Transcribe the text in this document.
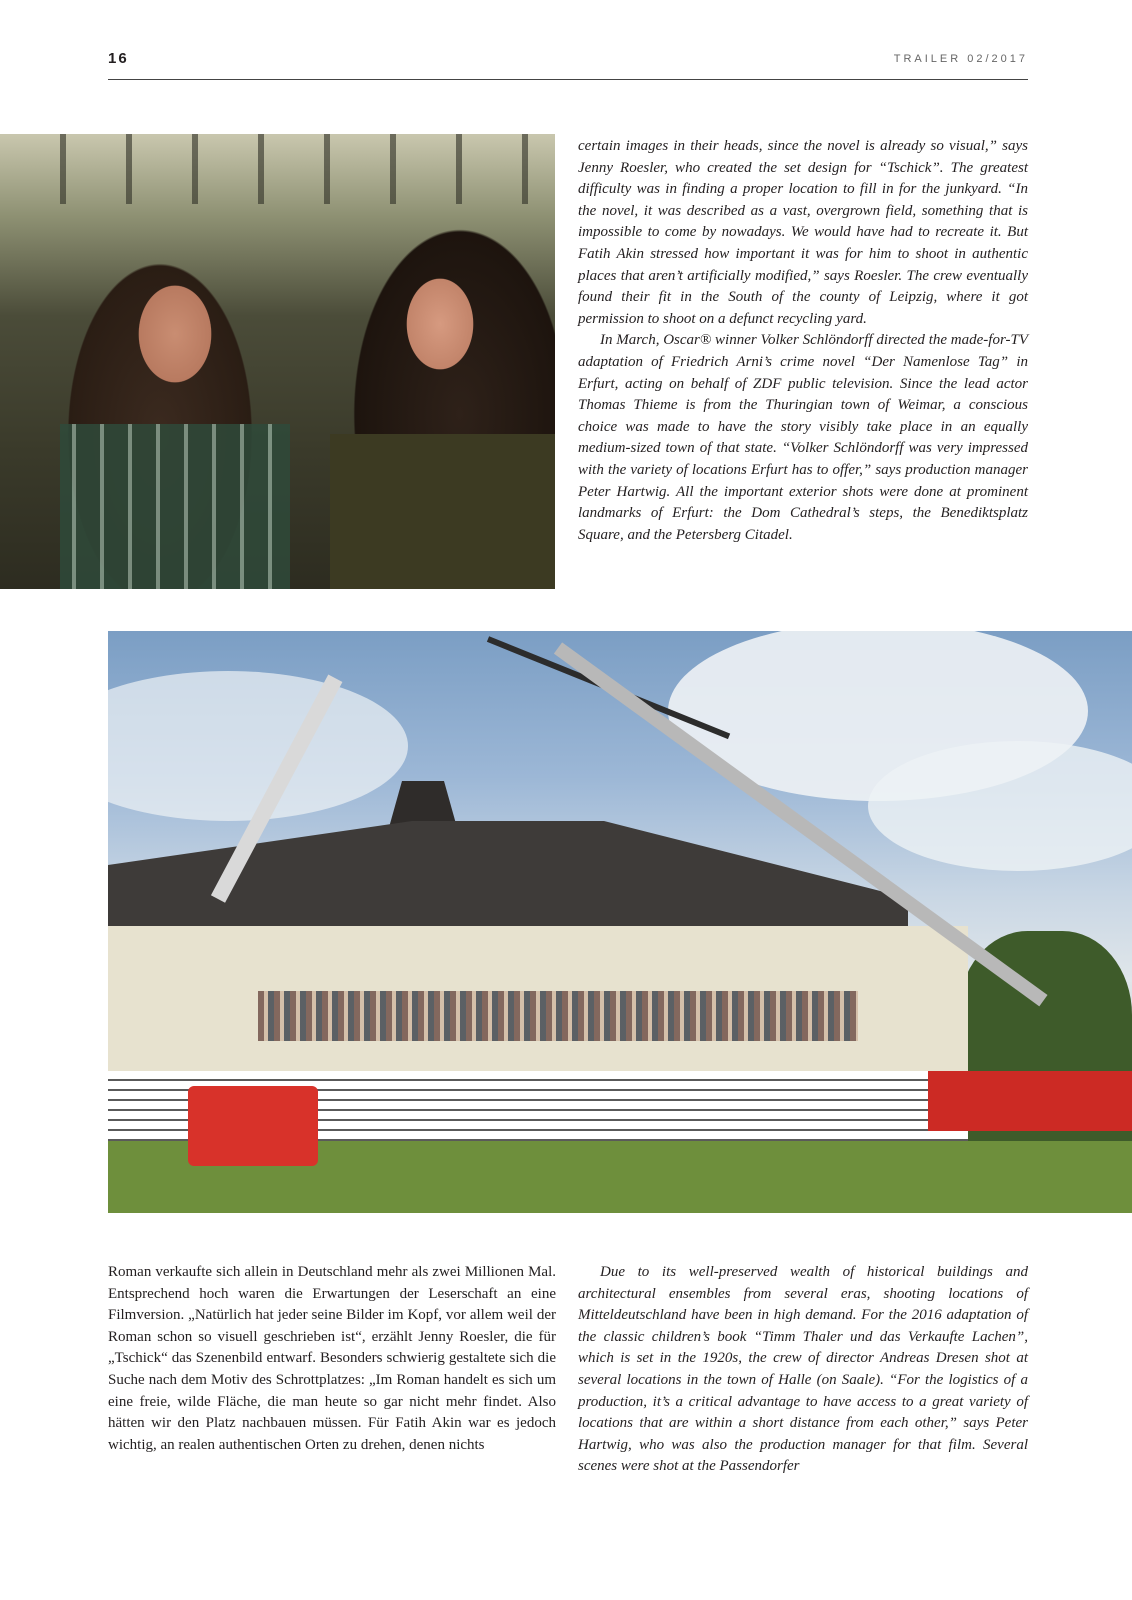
16	TRAILER 02/2017

certain images in their heads, since the novel is already so visual,” says Jenny Roesler, who created the set design for “Tschick”. The greatest difficulty was in finding a proper location to fill in for the junkyard. “In the novel, it was described as a vast, overgrown field, something that is impossible to come by nowadays. We would have had to recreate it. But Fatih Akin stressed how important it was for him to shoot in authentic places that aren’t artificially modified,” says Roesler. The crew eventually found their fit in the South of the county of Leipzig, where it got permission to shoot on a defunct recycling yard.

In March, Oscar® winner Volker Schlöndorff directed the made-for-TV adaptation of Friedrich Arni’s crime novel “Der Namenlose Tag” in Erfurt, acting on behalf of ZDF public television. Since the lead actor Thomas Thieme is from the Thuringian town of Weimar, a conscious choice was made to have the story visibly take place in an equally medium-sized town of that state. “Volker Schlöndorff was very impressed with the variety of locations Erfurt has to offer,” says production manager Peter Hartwig. All the important exterior shots were done at prominent landmarks of Erfurt: the Dom Cathedral’s steps, the Benediktsplatz Square, and the Petersberg Citadel.

Roman verkaufte sich allein in Deutschland mehr als zwei Millionen Mal. Entsprechend hoch waren die Erwartungen der Leserschaft an eine Filmversion. „Natürlich hat jeder seine Bilder im Kopf, vor allem weil der Roman schon so visuell geschrieben ist“, erzählt Jenny Roesler, die für „Tschick“ das Szenenbild entwarf. Besonders schwierig gestaltete sich die Suche nach dem Motiv des Schrottplatzes: „Im Roman handelt es sich um eine freie, wilde Fläche, die man heute so gar nicht mehr findet. Also hätten wir den Platz nachbauen müssen. Für Fatih Akin war es jedoch wichtig, an realen authentischen Orten zu drehen, denen nichts

Due to its well-preserved wealth of historical buildings and architectural ensembles from several eras, shooting locations of Mitteldeutschland have been in high demand. For the 2016 adaptation of the classic children’s book “Timm Thaler und das Verkaufte Lachen”, which is set in the 1920s, the crew of director Andreas Dresen shot at several locations in the town of Halle (on Saale). “For the logistics of a production, it’s a critical advantage to have access to a great variety of locations that are within a short distance from each other,” says Peter Hartwig, who was also the production manager for that film. Several scenes were shot at the Passendorfer
